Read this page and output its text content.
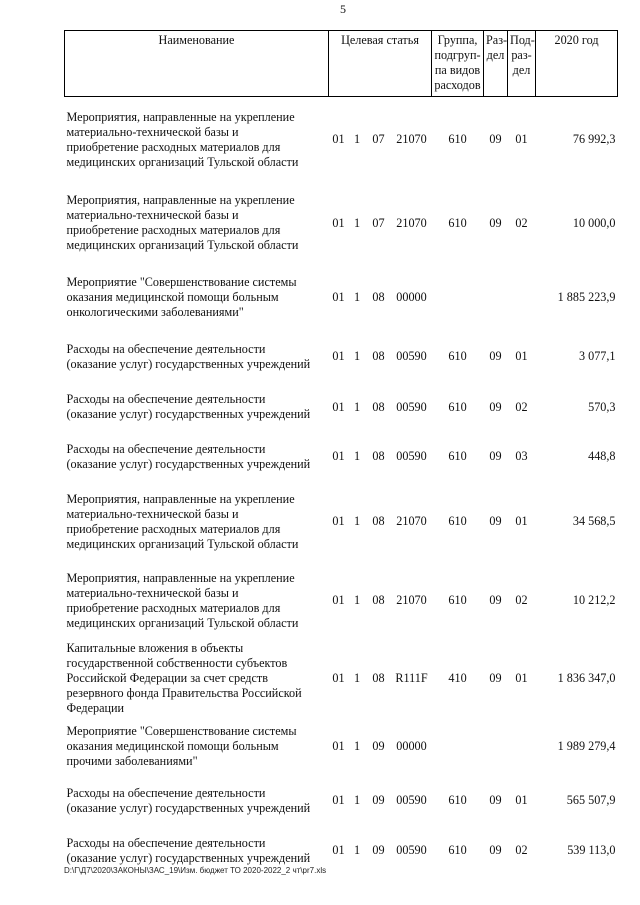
5
Наименование	Целевая статья				Группа,
подгруп-
па видов
расходов	Раз-
дел	Под-
раз-
дел	2020 год

Мероприятия, направленные на укрепление
материально-технической базы и
приобретение расходных материалов для
медицинских организаций Тульской области	01	1	07	21070	610	09	01	76 992,3

Мероприятия, направленные на укрепление
материально-технической базы и
приобретение расходных материалов для
медицинских организаций Тульской области	01	1	07	21070	610	09	02	10 000,0

Мероприятие "Совершенствование системы
оказания медицинской помощи больным
онкологическими заболеваниями"	01	1	08	00000				1 885 223,9

Расходы на обеспечение деятельности
(оказание услуг) государственных учреждений	01	1	08	00590	610	09	01	3 077,1

Расходы на обеспечение деятельности
(оказание услуг) государственных учреждений	01	1	08	00590	610	09	02	570,3

Расходы на обеспечение деятельности
(оказание услуг) государственных учреждений	01	1	08	00590	610	09	03	448,8

Мероприятия, направленные на укрепление
материально-технической базы и
приобретение расходных материалов для
медицинских организаций Тульской области	01	1	08	21070	610	09	01	34 568,5

Мероприятия, направленные на укрепление
материально-технической базы и
приобретение расходных материалов для
медицинских организаций Тульской области	01	1	08	21070	610	09	02	10 212,2

Капитальные вложения в объекты
государственной собственности субъектов
Российской Федерации за счет средств
резервного фонда Правительства Российской
Федерации	01	1	08	R111F	410	09	01	1 836 347,0

Мероприятие "Совершенствование системы
оказания медицинской помощи больным
прочими заболеваниями"	01	1	09	00000				1 989 279,4

Расходы на обеспечение деятельности
(оказание услуг) государственных учреждений	01	1	09	00590	610	09	01	565 507,9

Расходы на обеспечение деятельности
(оказание услуг) государственных учреждений	01	1	09	00590	610	09	02	539 113,0
D:\Г\Д7\2020\ЗАКОНЫ\ЗАС_19\Изм. бюджет ТО 2020-2022_2 чт\pr7.xls
